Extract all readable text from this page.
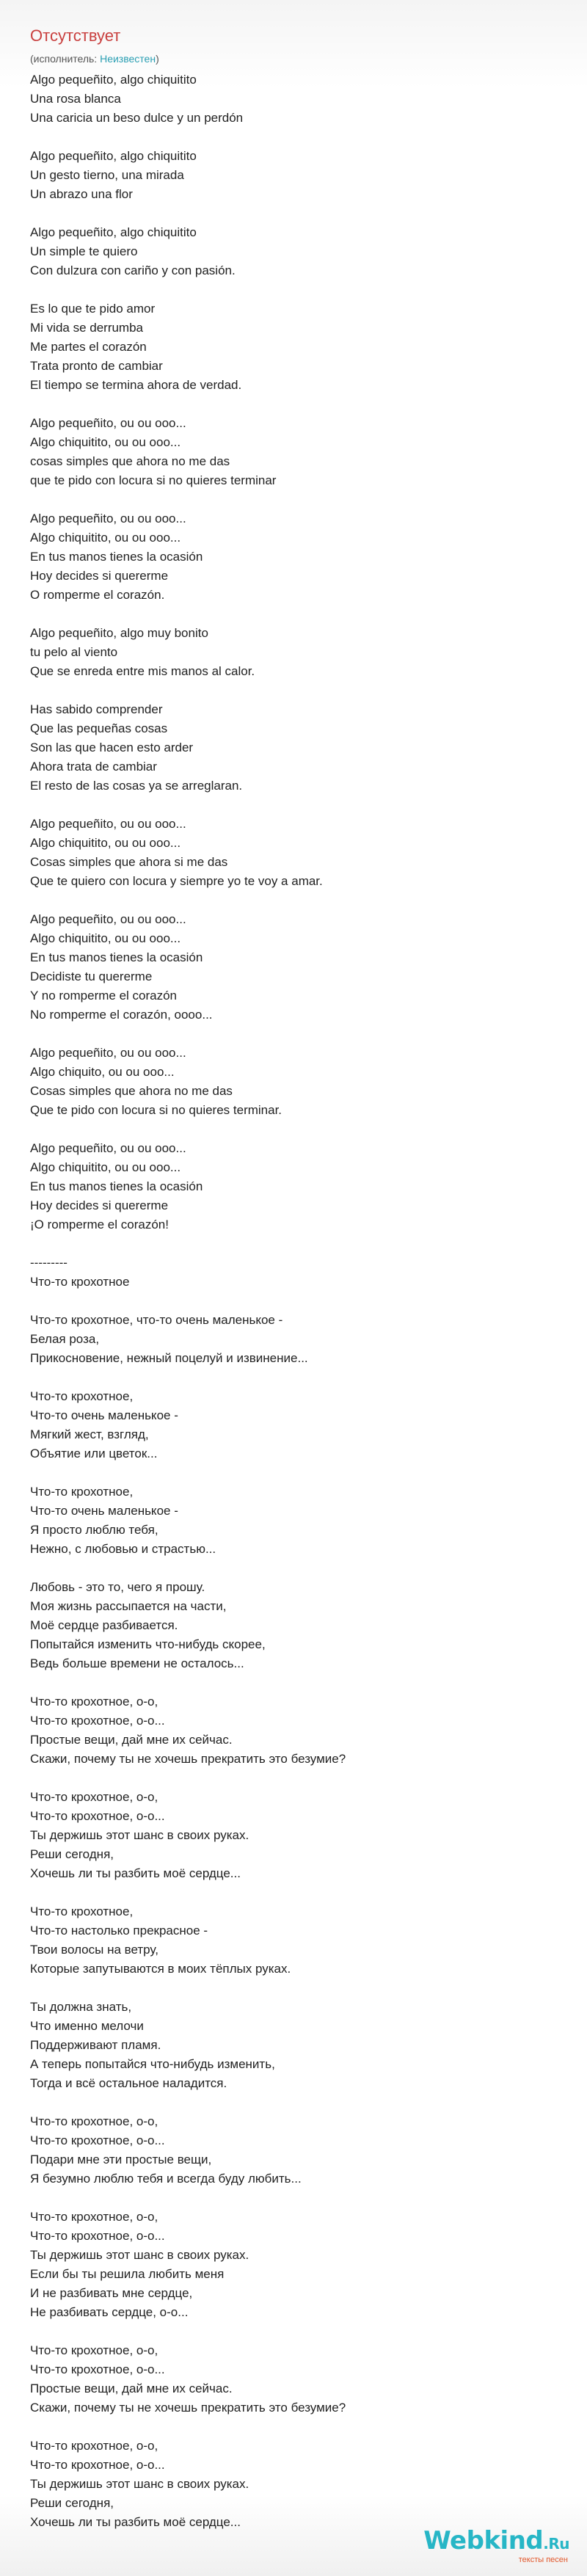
Отсутствует
(исполнитель: Неизвестен)
Algo pequeñito, algo chiquitito
Una rosa blanca
Una caricia un beso dulce y un perdón
Algo pequeñito, algo chiquitito
Un gesto tierno, una mirada
Un abrazo una flor
Algo pequeñito, algo chiquitito
Un simple te quiero
Con dulzura con cariño y con pasión.
Es lo que te pido amor
Mi vida se derrumba
Me partes el corazón
Trata pronto de cambiar
El tiempo se termina ahora de verdad.
Algo pequeñito, ou ou ooo...
Algo chiquitito, ou ou ooo...
cosas simples que ahora no me das
que te pido con locura si no quieres terminar
Algo pequeñito, ou ou ooo...
Algo chiquitito, ou ou ooo...
En tus manos tienes la ocasión
Hoy decides si quererme
O romperme el corazón.
Algo pequeñito, algo muy bonito
tu pelo al viento
Que se enreda entre mis manos al calor.
Has sabido comprender
Que las pequeñas cosas
Son las que hacen esto arder
Ahora trata de cambiar
El resto de las cosas ya se arreglaran.
Algo pequeñito, ou ou ooo...
Algo chiquitito, ou ou ooo...
Cosas simples que ahora si me das
Que te quiero con locura y siempre yo te voy a amar.
Algo pequeñito, ou ou ooo...
Algo chiquitito, ou ou ooo...
En tus manos tienes la ocasión
Decidiste tu quererme
Y no romperme el corazón
No romperme el corazón, oooo...
Algo pequeñito, ou ou ooo...
Algo chiquito, ou ou ooo...
Cosas simples que ahora no me das
Que te pido con locura si no quieres terminar.
Algo pequeñito, ou ou ooo...
Algo chiquitito, ou ou ooo...
En tus manos tienes la ocasión
Hoy decides si quererme
¡O romperme el corazón!
---------
Что-то крохотное
Что-то крохотное, что-то очень маленькое -
Белая роза,
Прикосновение, нежный поцелуй и извинение...
Что-то крохотное,
Что-то очень маленькое -
Мягкий жест, взгляд,
Объятие или цветок...
Что-то крохотное,
Что-то очень маленькое -
Я просто люблю тебя,
Нежно, с любовью и страстью...
Любовь - это то, чего я прошу.
Моя жизнь рассыпается на части,
Моё сердце разбивается.
Попытайся изменить что-нибудь скорее,
Ведь больше времени не осталось...
Что-то крохотное, о-о,
Что-то крохотное, о-о...
Простые вещи, дай мне их сейчас.
Скажи, почему ты не хочешь прекратить это безумие?
Что-то крохотное, о-о,
Что-то крохотное, о-о...
Ты держишь этот шанс в своих руках.
Реши сегодня,
Хочешь ли ты разбить моё сердце...
Что-то крохотное,
Что-то настолько прекрасное -
Твои волосы на ветру,
Которые запутываются в моих тёплых руках.
Ты должна знать,
Что именно мелочи
Поддерживают пламя.
А теперь попытайся что-нибудь изменить,
Тогда и всё остальное наладится.
Что-то крохотное, о-о,
Что-то крохотное, о-о...
Подари мне эти простые вещи,
Я безумно люблю тебя и всегда буду любить...
Что-то крохотное, о-о,
Что-то крохотное, о-о...
Ты держишь этот шанс в своих руках.
Если бы ты решила любить меня
И не разбивать мне сердце,
Не разбивать сердце, о-о...
Что-то крохотное, о-о,
Что-то крохотное, о-о...
Простые вещи, дай мне их сейчас.
Скажи, почему ты не хочешь прекратить это безумие?
Что-то крохотное, о-о,
Что-то крохотное, о-о...
Ты держишь этот шанс в своих руках.
Реши сегодня,
Хочешь ли ты разбить моё сердце...
Webkind.Ru
тексты песен
